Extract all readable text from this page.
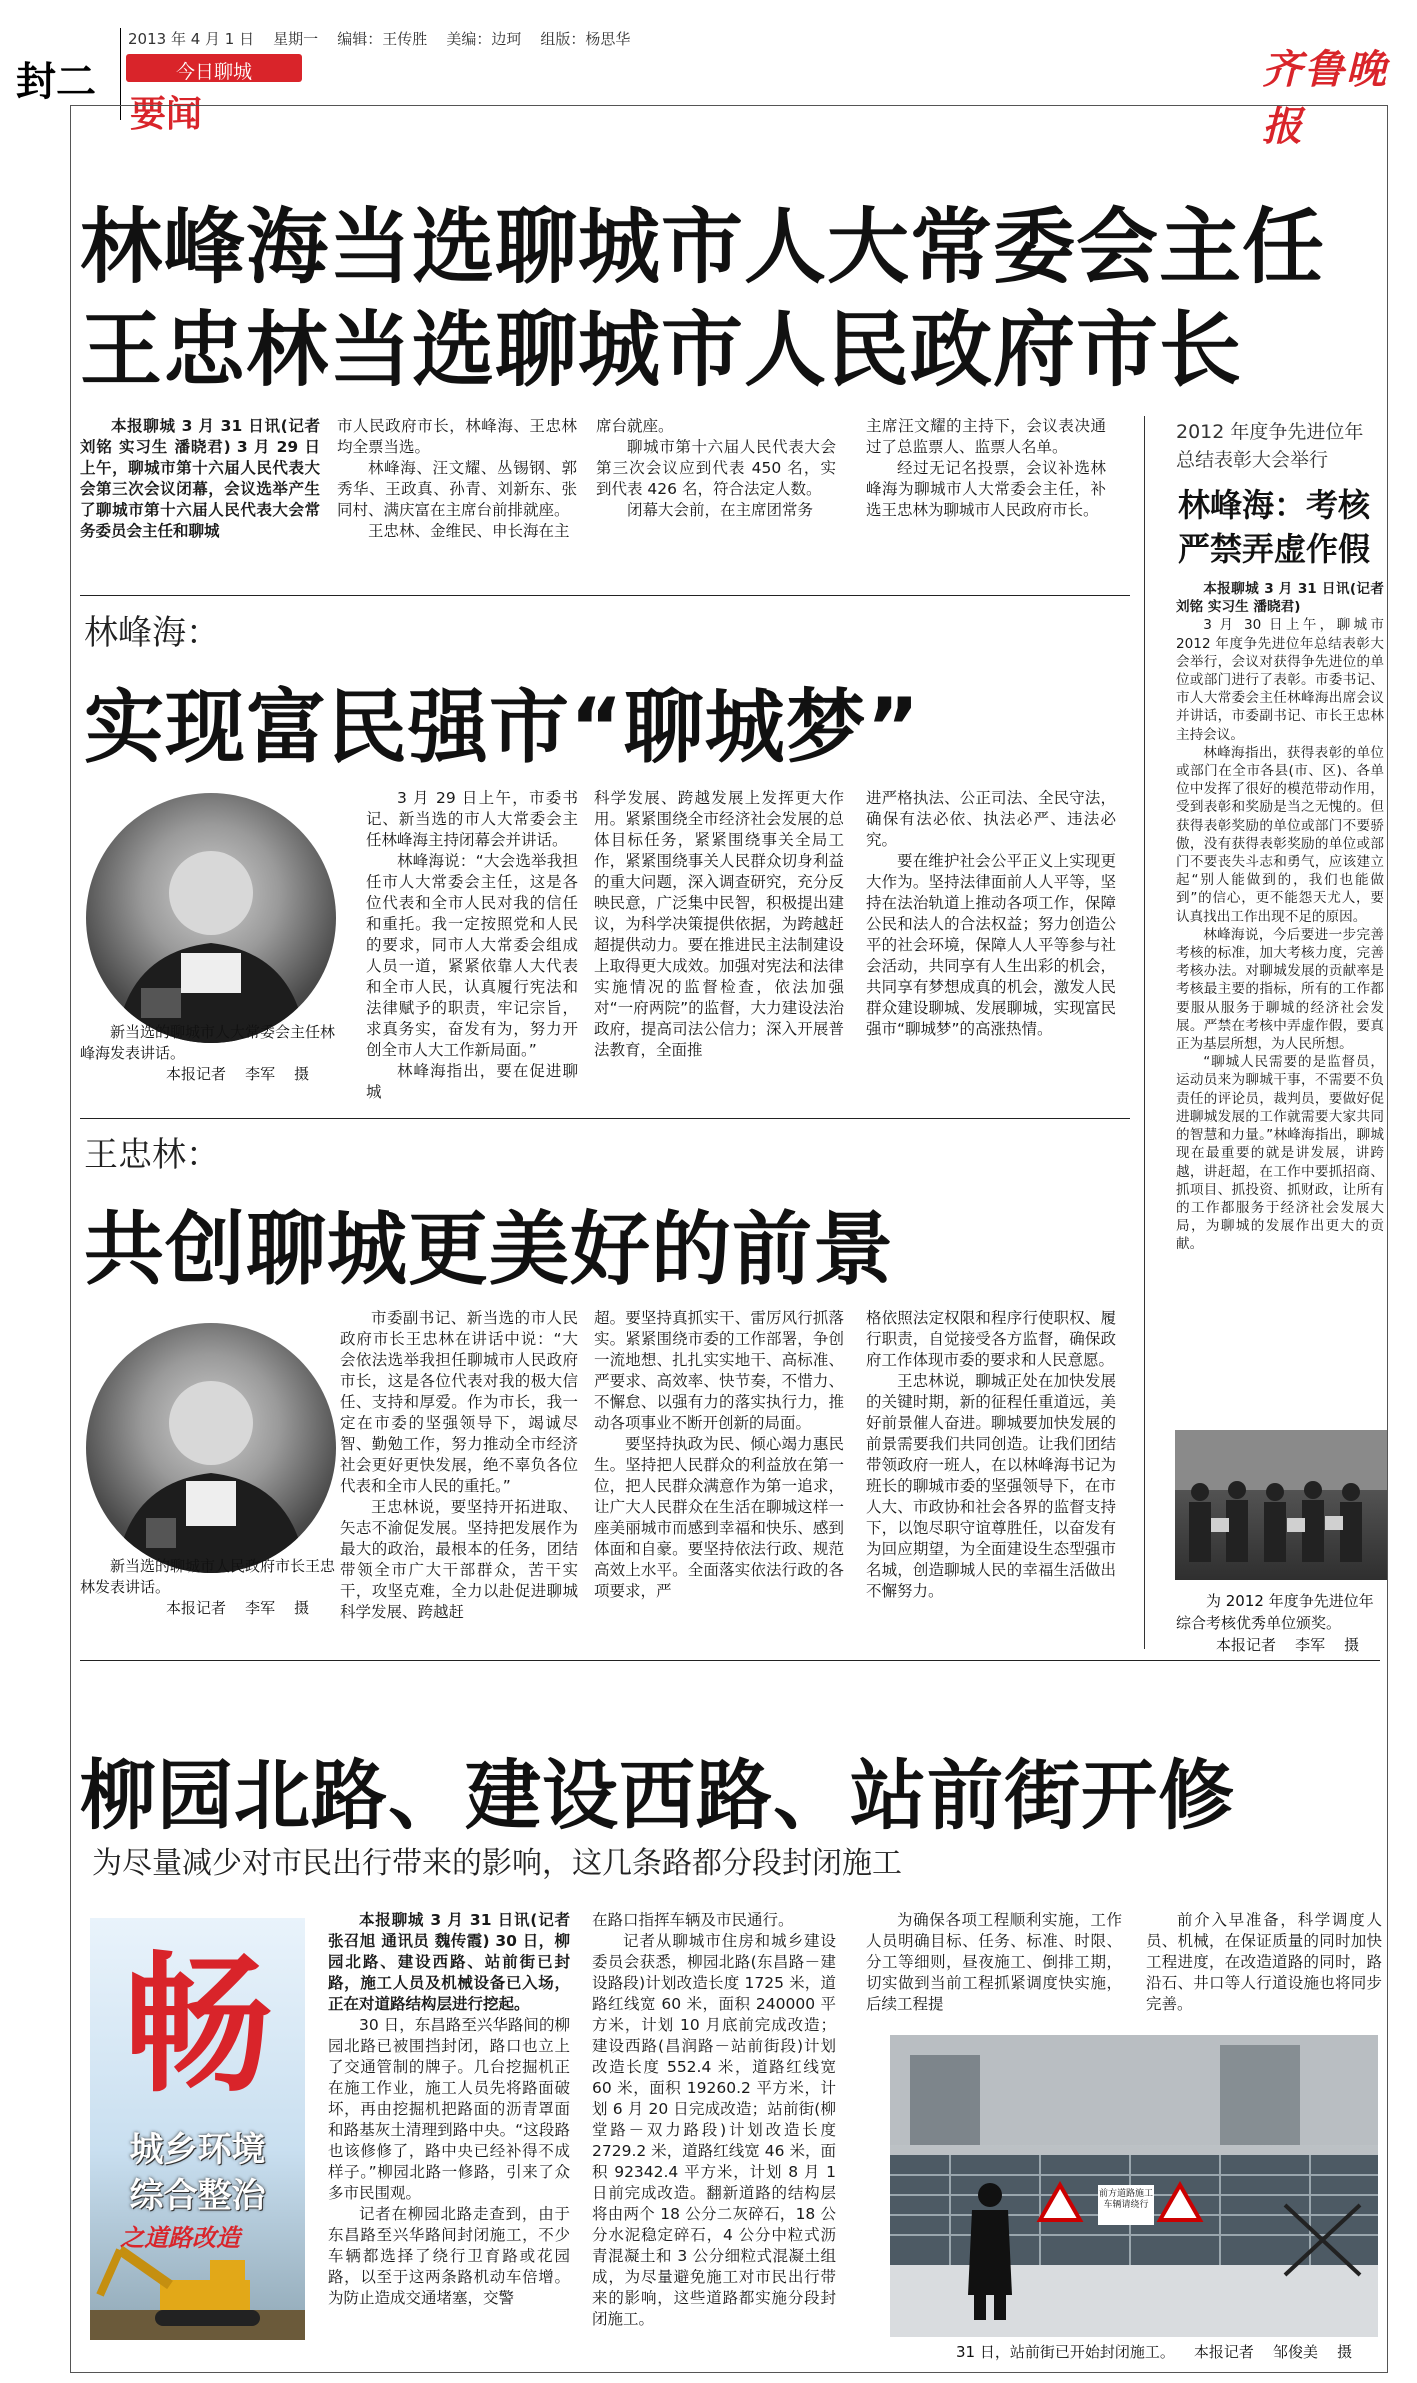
封二
2013 年 4 月 1 日    星期一    编辑：王传胜    美编：边珂    组版：杨思华
今日聊城
要闻
齐鲁晚报
林峰海当选聊城市人大常委会主任
王忠林当选聊城市人民政府市长

本报聊城 3 月 31 日讯(记者 刘铭 实习生 潘晓君) 3 月 29 日上午，聊城市第十六届人民代表大会第三次会议闭幕，会议选举产生了聊城市第十六届人民代表大会常务委员会主任和聊城

市人民政府市长，林峰海、王忠林均全票当选。

林峰海、汪文耀、丛锡钢、郭秀华、王政真、孙青、刘新东、张同村、满庆富在主席台前排就座。

王忠林、金维民、申长海在主

席台就座。

聊城市第十六届人民代表大会第三次会议应到代表 450 名，实到代表 426 名，符合法定人数。

闭幕大会前，在主席团常务

主席汪文耀的主持下，会议表决通过了总监票人、监票人名单。

经过无记名投票，会议补选林峰海为聊城市人大常委会主任，补选王忠林为聊城市人民政府市长。

林峰海：
实现富民强市“聊城梦”
新当选的聊城市人大常委会主任林峰海发表讲话。
本报记者    李军    摄

3 月 29 日上午，市委书记、新当选的市人大常委会主任林峰海主持闭幕会并讲话。

林峰海说：“大会选举我担任市人大常委会主任，这是各位代表和全市人民对我的信任和重托。我一定按照党和人民的要求，同市人大常委会组成人员一道，紧紧依靠人大代表和全市人民，认真履行宪法和法律赋予的职责，牢记宗旨，求真务实，奋发有为，努力开创全市人大工作新局面。”

林峰海指出，要在促进聊城

科学发展、跨越发展上发挥更大作用。紧紧围绕全市经济社会发展的总体目标任务，紧紧围绕事关全局工作，紧紧围绕事关人民群众切身利益的重大问题，深入调查研究，充分反映民意，广泛集中民智，积极提出建议，为科学决策提供依据，为跨越赶超提供动力。要在推进民主法制建设上取得更大成效。加强对宪法和法律实施情况的监督检查，依法加强对“一府两院”的监督，大力建设法治政府，提高司法公信力；深入开展普法教育，全面推

进严格执法、公正司法、全民守法，确保有法必依、执法必严、违法必究。

要在维护社会公平正义上实现更大作为。坚持法律面前人人平等，坚持在法治轨道上推动各项工作，保障公民和法人的合法权益；努力创造公平的社会环境，保障人人平等参与社会活动，共同享有人生出彩的机会，共同享有梦想成真的机会，激发人民群众建设聊城、发展聊城，实现富民强市“聊城梦”的高涨热情。

王忠林：
共创聊城更美好的前景
新当选的聊城市人民政府市长王忠林发表讲话。
本报记者    李军    摄

市委副书记、新当选的市人民政府市长王忠林在讲话中说：“大会依法选举我担任聊城市人民政府市长，这是各位代表对我的极大信任、支持和厚爱。作为市长，我一定在市委的坚强领导下，竭诚尽智、勤勉工作，努力推动全市经济社会更好更快发展，绝不辜负各位代表和全市人民的重托。”

王忠林说，要坚持开拓进取、矢志不渝促发展。坚持把发展作为最大的政治，最根本的任务，团结带领全市广大干部群众，苦干实干，攻坚克难，全力以赴促进聊城科学发展、跨越赶

超。要坚持真抓实干、雷厉风行抓落实。紧紧围绕市委的工作部署，争创一流地想、扎扎实实地干、高标准、严要求、高效率、快节奏，不惜力、不懈怠、以强有力的落实执行力，推动各项事业不断开创新的局面。

要坚持执政为民、倾心竭力惠民生。坚持把人民群众的利益放在第一位，把人民群众满意作为第一追求，让广大人民群众在生活在聊城这样一座美丽城市而感到幸福和快乐、感到体面和自豪。要坚持依法行政、规范高效上水平。全面落实依法行政的各项要求，严

格依照法定权限和程序行使职权、履行职责，自觉接受各方监督，确保政府工作体现市委的要求和人民意愿。

王忠林说，聊城正处在加快发展的关键时期，新的征程任重道远，美好前景催人奋进。聊城要加快发展的前景需要我们共同创造。让我们团结带领政府一班人，在以林峰海书记为班长的聊城市委的坚强领导下，在市人大、市政协和社会各界的监督支持下，以饱尽职守谊尊胜任，以奋发有为回应期望，为全面建设生态型强市名城，创造聊城人民的幸福生活做出不懈努力。

2012 年度争先进位年总结表彰大会举行
林峰海：考核
严禁弄虚作假

本报聊城 3 月 31 日讯(记者 刘铭 实习生 潘晓君)

3 月 30 日上午，聊城市 2012 年度争先进位年总结表彰大会举行，会议对获得争先进位的单位或部门进行了表彰。市委书记、市人大常委会主任林峰海出席会议并讲话，市委副书记、市长王忠林主持会议。

林峰海指出，获得表彰的单位或部门在全市各县(市、区)、各单位中发挥了很好的模范带动作用，受到表彰和奖励是当之无愧的。但获得表彰奖励的单位或部门不要骄傲，没有获得表彰奖励的单位或部门不要丧失斗志和勇气，应该建立起“别人能做到的，我们也能做到”的信心，更不能怨天尤人，要认真找出工作出现不足的原因。

林峰海说，今后要进一步完善考核的标准，加大考核力度，完善考核办法。对聊城发展的贡献率是考核最主要的指标，所有的工作都要服从服务于聊城的经济社会发展。严禁在考核中弄虚作假，要真正为基层所想，为人民所想。

“聊城人民需要的是监督员，运动员来为聊城干事，不需要不负责任的评论员，裁判员，要做好促进聊城发展的工作就需要大家共同的智慧和力量。”林峰海指出，聊城现在最重要的就是讲发展，讲跨越，讲赶超，在工作中要抓招商、抓项目、抓投资、抓财政，让所有的工作都服务于经济社会发展大局，为聊城的发展作出更大的贡献。

为 2012 年度争先进位年综合考核优秀单位颁奖。
本报记者    李军    摄
柳园北路、建设西路、站前街开修
为尽量减少对市民出行带来的影响，这几条路都分段封闭施工
畅
城乡环境
综合整治
之道路改造

本报聊城 3 月 31 日讯(记者 张召旭 通讯员 魏传霞) 30 日，柳园北路、建设西路、站前街已封路，施工人员及机械设备已入场，正在对道路结构层进行挖起。

30 日，东昌路至兴华路间的柳园北路已被围挡封闭，路口也立上了交通管制的牌子。几台挖掘机正在施工作业，施工人员先将路面破坏，再由挖掘机把路面的沥青罩面和路基灰土清理到路中央。“这段路也该修修了，路中央已经补得不成样子。”柳园北路一修路，引来了众多市民围观。

记者在柳园北路走查到，由于东昌路至兴华路间封闭施工，不少车辆都选择了绕行卫育路或花园路，以至于这两条路机动车倍增。为防止造成交通堵塞，交警

在路口指挥车辆及市民通行。

记者从聊城市住房和城乡建设委员会获悉，柳园北路(东昌路－建设路段)计划改造长度 1725 米，道路红线宽 60 米，面积 240000 平方米，计划 10 月底前完成改造；建设西路(昌润路－站前街段)计划改造长度 552.4 米，道路红线宽 60 米，面积 19260.2 平方米，计划 6 月 20 日完成改造；站前街(柳堂路－双力路段)计划改造长度 2729.2 米，道路红线宽 46 米，面积 92342.4 平方米，计划 8 月 1 日前完成改造。翻新道路的结构层将由两个 18 公分二灰碎石，18 公分水泥稳定碎石，4 公分中粒式沥青混凝土和 3 公分细粒式混凝土组成，为尽量避免施工对市民出行带来的影响，这些道路都实施分段封闭施工。

为确保各项工程顺利实施，工作人员明确目标、任务、标准、时限、分工等细则，昼夜施工、倒排工期，切实做到当前工程抓紧调度快实施，后续工程提

前介入早准备，科学调度人员、机械，在保证质量的同时加快工程进度，在改造道路的同时，路沿石、井口等人行道设施也将同步完善。

前方道路施工 车辆请绕行
31 日，站前街已开始封闭施工。    本报记者    邹俊美    摄
